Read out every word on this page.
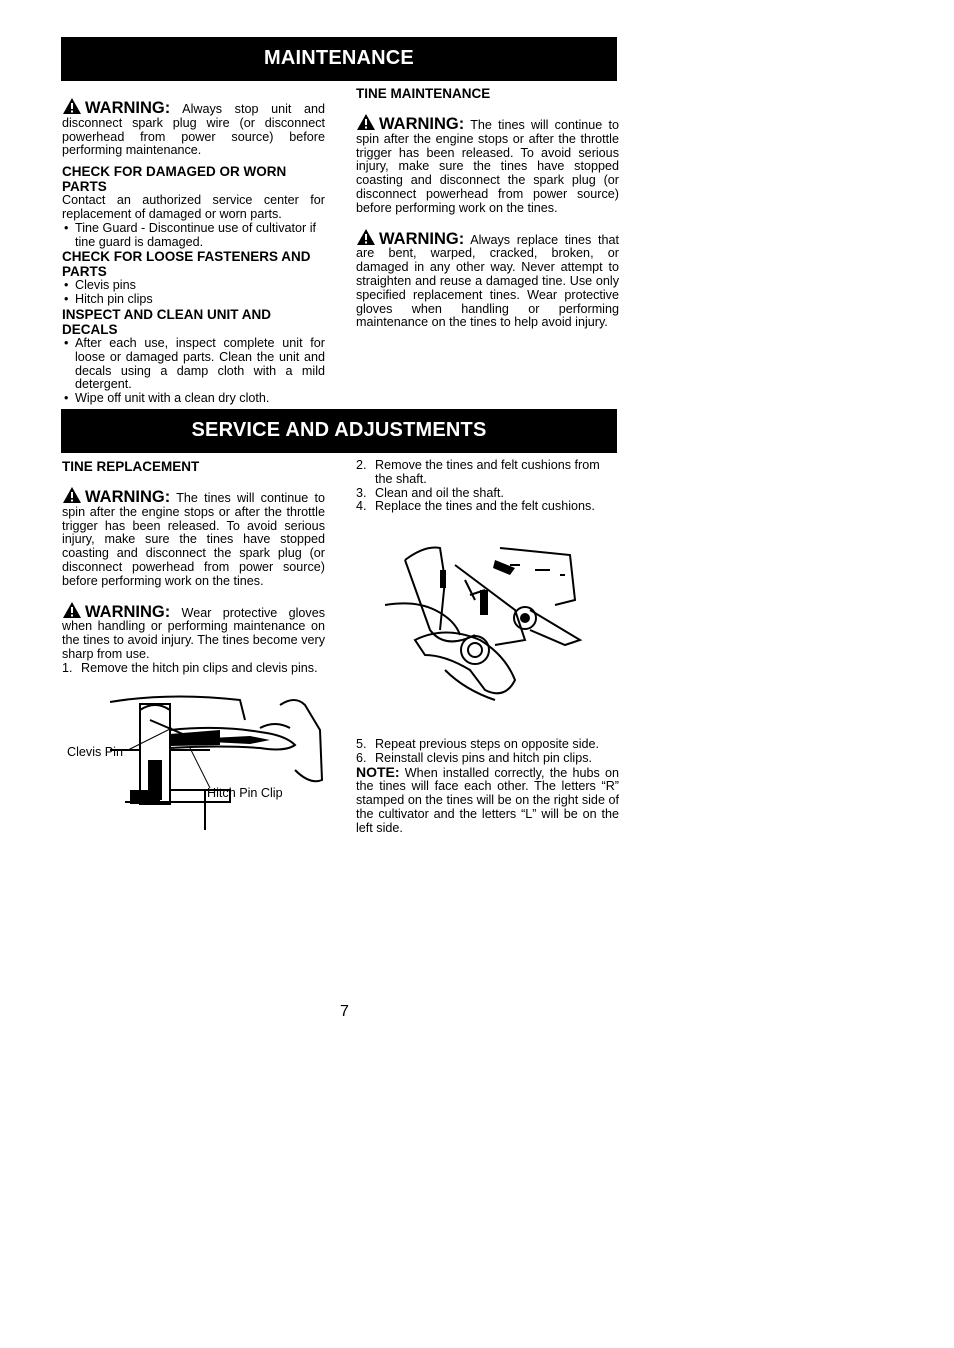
MAINTENANCE

WARNING: Always stop unit and disconnect spark plug wire (or disconnect powerhead from power source) before performing maintenance.

CHECK FOR DAMAGED OR WORN PARTS

Contact an authorized service center for replacement of damaged or worn parts.

• Tine Guard - Discontinue use of cultivator if tine guard is damaged.
CHECK FOR LOOSE FASTENERS AND PARTS
• Clevis pins
• Hitch pin clips
INSPECT AND CLEAN UNIT AND DECALS
• After each use, inspect complete unit for loose or damaged parts. Clean the unit and decals using a damp cloth with a mild detergent.
• Wipe off unit with a clean dry cloth.
TINE MAINTENANCE

WARNING: The tines will continue to spin after the engine stops or after the throttle trigger has been released. To avoid serious injury, make sure the tines have stopped coasting and disconnect the spark plug (or disconnect powerhead from power source) before performing work on the tines.

WARNING: Always replace tines that are bent, warped, cracked, broken, or damaged in any other way. Never attempt to straighten and reuse a damaged tine. Use only specified replacement tines. Wear protective gloves when handling or performing maintenance on the tines to help avoid injury.

SERVICE AND ADJUSTMENTS
TINE REPLACEMENT

WARNING: The tines will continue to spin after the engine stops or after the throttle trigger has been released. To avoid serious injury, make sure the tines have stopped coasting and disconnect the spark plug (or disconnect powerhead from power source) before performing work on the tines.

WARNING: Wear protective gloves when handling or performing maintenance on the tines to avoid injury. The tines become very sharp from use.

1. Remove the hitch pin clips and clevis pins.
Clevis Pin
Hitch Pin Clip
2. Remove the tines and felt cushions from the shaft.
3. Clean and oil the shaft.
4. Replace the tines and the felt cushions.
5. Repeat previous steps on opposite side.
6. Reinstall clevis pins and hitch pin clips.

NOTE: When installed correctly, the hubs on the tines will face each other. The letters “R” stamped on the tines will be on the right side of the cultivator and the letters “L” will be on the left side.

7
